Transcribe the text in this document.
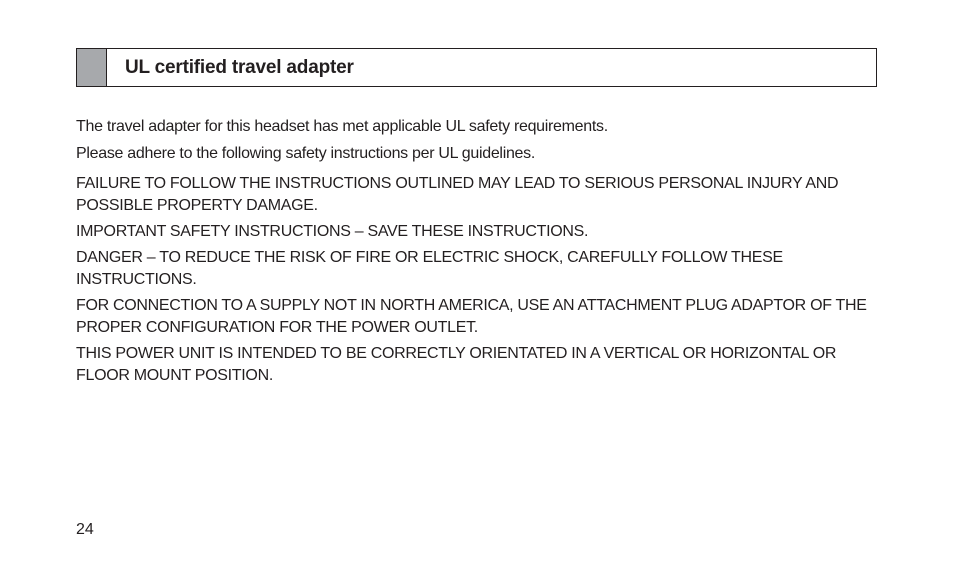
UL certified travel adapter

The travel adapter for this headset has met applicable UL safety requirements.

Please adhere to the following safety instructions per UL guidelines.

FAILURE TO FOLLOW THE INSTRUCTIONS OUTLINED MAY LEAD TO SERIOUS PERSONAL INJURY AND POSSIBLE PROPERTY DAMAGE.

IMPORTANT SAFETY INSTRUCTIONS – SAVE THESE INSTRUCTIONS.

DANGER – TO REDUCE THE RISK OF FIRE OR ELECTRIC SHOCK, CAREFULLY FOLLOW THESE INSTRUCTIONS.

FOR CONNECTION TO A SUPPLY NOT IN NORTH AMERICA, USE AN ATTACHMENT PLUG ADAPTOR OF THE PROPER CONFIGURATION FOR THE POWER OUTLET.

THIS POWER UNIT IS INTENDED TO BE CORRECTLY ORIENTATED IN A VERTICAL OR HORIZONTAL OR FLOOR MOUNT POSITION.

24
